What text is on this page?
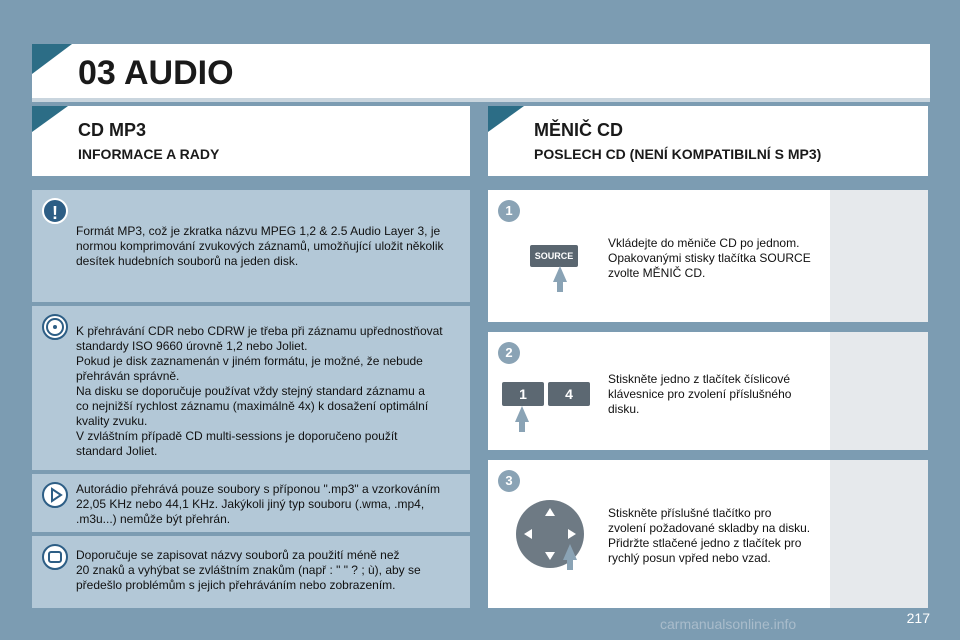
03 AUDIO
CD MP3
INFORMACE A RADY
MĚNIČ CD
POSLECH CD (NENÍ KOMPATIBILNÍ S MP3)
!
Formát MP3, což je zkratka názvu MPEG 1,2 & 2.5 Audio Layer 3, je
normou komprimování zvukových záznamů, umožňující uložit několik
desítek hudebních souborů na jeden disk.
K přehrávání CDR nebo CDRW je třeba při záznamu upřednostňovat
standardy ISO 9660 úrovně 1,2 nebo Joliet.
Pokud je disk zaznamenán v jiném formátu, je možné, že nebude
přehráván správně.
Na disku se doporučuje používat vždy stejný standard záznamu a
co nejnižší rychlost záznamu (maximálně 4x) k dosažení optimální
kvality zvuku.
V zvláštním případě CD multi-sessions je doporučeno použít
standard Joliet.
Autorádio přehrává pouze soubory s příponou ".mp3" a vzorkováním
22,05 KHz nebo 44,1 KHz. Jakýkoli jiný typ souboru (.wma, .mp4,
.m3u...) nemůže být přehrán.
Doporučuje se zapisovat názvy souborů za použití méně než
20 znaků a vyhýbat se zvláštním znakům (např : " " ? ; ù), aby se
předešlo problémům s jejich přehráváním nebo zobrazením.
1
SOURCE
Vkládejte do měniče CD po jednom.
Opakovanými stisky tlačítka SOURCE
zvolte MĚNIČ CD.
2
1	4
Stiskněte jedno z tlačítek číslicové
klávesnice pro zvolení příslušného
disku.
3
Stiskněte příslušné tlačítko pro
zvolení požadované skladby na disku.
Přidržte stlačené jedno z tlačítek pro
rychlý posun vpřed nebo vzad.
217
carmanualsonline.info
